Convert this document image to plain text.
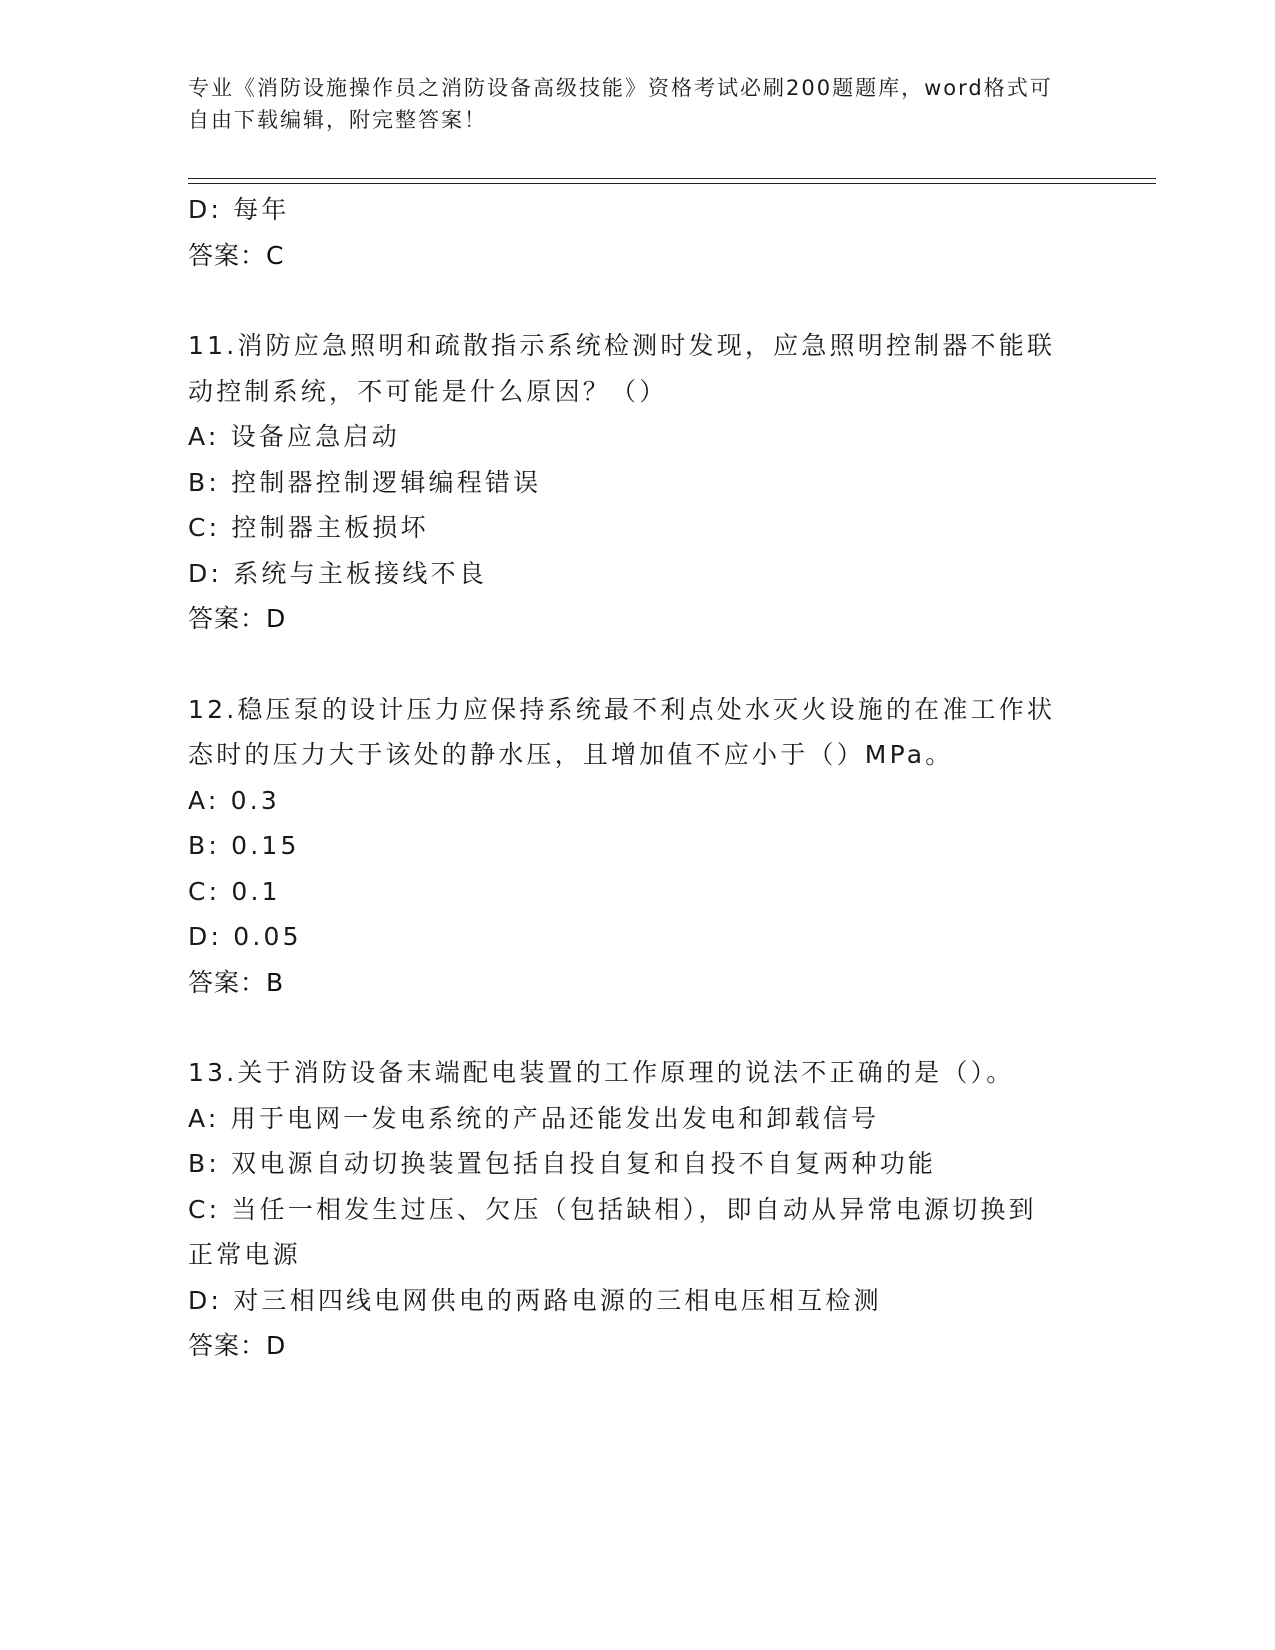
专业《消防设施操作员之消防设备高级技能》资格考试必刷200题题库，word格式可自由下载编辑，附完整答案！
D: 每年
答案：C
11.消防应急照明和疏散指示系统检测时发现，应急照明控制器不能联
动控制系统，不可能是什么原因？（）
A: 设备应急启动
B: 控制器控制逻辑编程错误
C: 控制器主板损坏
D: 系统与主板接线不良
答案：D
12.稳压泵的设计压力应保持系统最不利点处水灭火设施的在准工作状
态时的压力大于该处的静水压，且增加值不应小于（）MPa。
A: 0.3
B: 0.15
C: 0.1
D: 0.05
答案：B
13.关于消防设备末端配电装置的工作原理的说法不正确的是（）。
A: 用于电网一发电系统的产品还能发出发电和卸载信号
B: 双电源自动切换装置包括自投自复和自投不自复两种功能
C: 当任一相发生过压、欠压（包括缺相），即自动从异常电源切换到
正常电源
D: 对三相四线电网供电的两路电源的三相电压相互检测
答案：D
